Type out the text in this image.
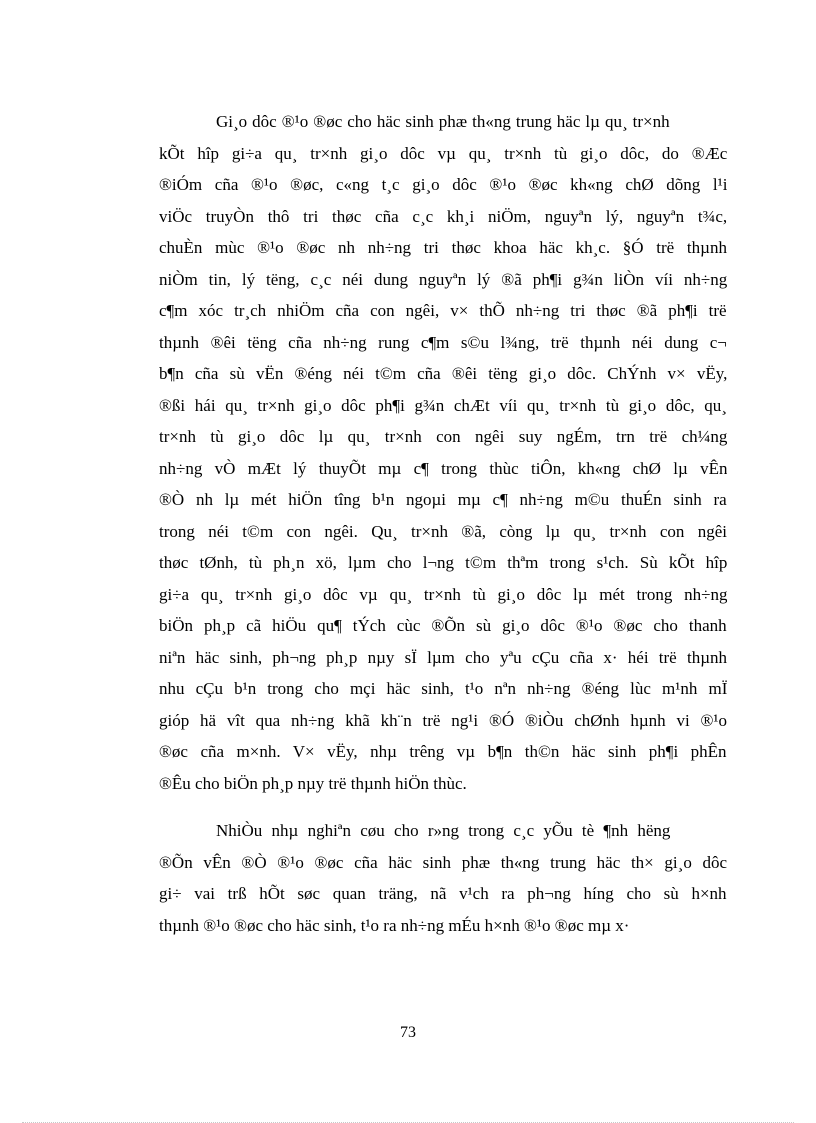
Gi¸o dôc ®¹o ®øc cho häc sinh phæ th«ng trung häc lµ qu¸ tr×nh
kÕt hîp gi÷a qu¸ tr×nh gi¸o dôc vµ qu¸ tr×nh tù gi¸o dôc, do ®Æc
®iÓm cña ®¹o ®øc, c«ng t¸c gi¸o dôc ®¹o ®øc kh«ng chØ dõng l¹i
viÖc truyÒn thô tri thøc cña c¸c kh¸i niÖm, nguyªn lý, nguyªn t¾c,
chuÈn mùc ®¹o ®øc nh nh÷ng tri thøc khoa häc kh¸c. §Ó trë thµnh
niÒm tin, lý tëng, c¸c néi dung nguyªn lý ®ã ph¶i g¾n liÒn víi nh÷ng
c¶m xóc tr¸ch nhiÖm cña con ngêi, v× thÕ nh÷ng tri thøc ®ã ph¶i trë
thµnh ®êi tëng cña nh÷ng rung c¶m s©u l¾ng, trë thµnh néi dung c¬
b¶n cña sù vËn ®éng néi t©m cña ®êi tëng gi¸o dôc. ChÝnh v× vËy,
®ßi hái qu¸ tr×nh gi¸o dôc ph¶i g¾n chÆt víi qu¸ tr×nh tù gi¸o dôc, qu¸
tr×nh tù gi¸o dôc lµ qu¸ tr×nh con ngêi suy ngÉm, trn trë ch¼ng
nh÷ng vÒ mÆt lý thuyÕt mµ c¶ trong thùc tiÔn, kh«ng chØ lµ vÊn
®Ò nh lµ mét hiÖn tîng b¹n ngoµi mµ c¶ nh÷ng m©u thuÉn sinh ra
trong néi t©m con ngêi. Qu¸ tr×nh ®ã, còng lµ qu¸ tr×nh con ngêi
thøc tØnh, tù ph¸n xö, lµm cho l¬ng t©m thªm trong s¹ch. Sù kÕt hîp
gi÷a qu¸ tr×nh gi¸o dôc vµ qu¸ tr×nh tù gi¸o dôc lµ mét trong nh÷ng
biÖn ph¸p cã hiÖu qu¶ tÝch cùc ®Õn sù gi¸o dôc ®¹o ®øc cho thanh
niªn häc sinh, ph¬ng ph¸p nµy sÏ lµm cho yªu cÇu cña x· héi trë thµnh
nhu cÇu b¹n trong cho mçi häc sinh, t¹o nªn nh÷ng ®éng lùc m¹nh mÏ
gióp hä vît qua nh÷ng khã kh¨n trë ng¹i ®Ó ®iÒu chØnh hµnh vi ®¹o
®øc cña m×nh. V× vËy, nhµ trêng vµ b¶n th©n häc sinh ph¶i phÊn
®Êu cho biÖn ph¸p nµy trë thµnh hiÖn thùc.
NhiÒu nhµ nghiªn cøu cho r»ng trong c¸c yÕu tè ¶nh hëng
®Õn vÊn ®Ò ®¹o ®øc cña häc sinh phæ th«ng trung häc th× gi¸o dôc
gi÷ vai trß hÕt søc quan träng, nã v¹ch ra ph¬ng híng cho sù h×nh
thµnh ®¹o ®øc cho häc sinh, t¹o ra nh÷ng mÉu h×nh ®¹o ®øc mµ x·
73
